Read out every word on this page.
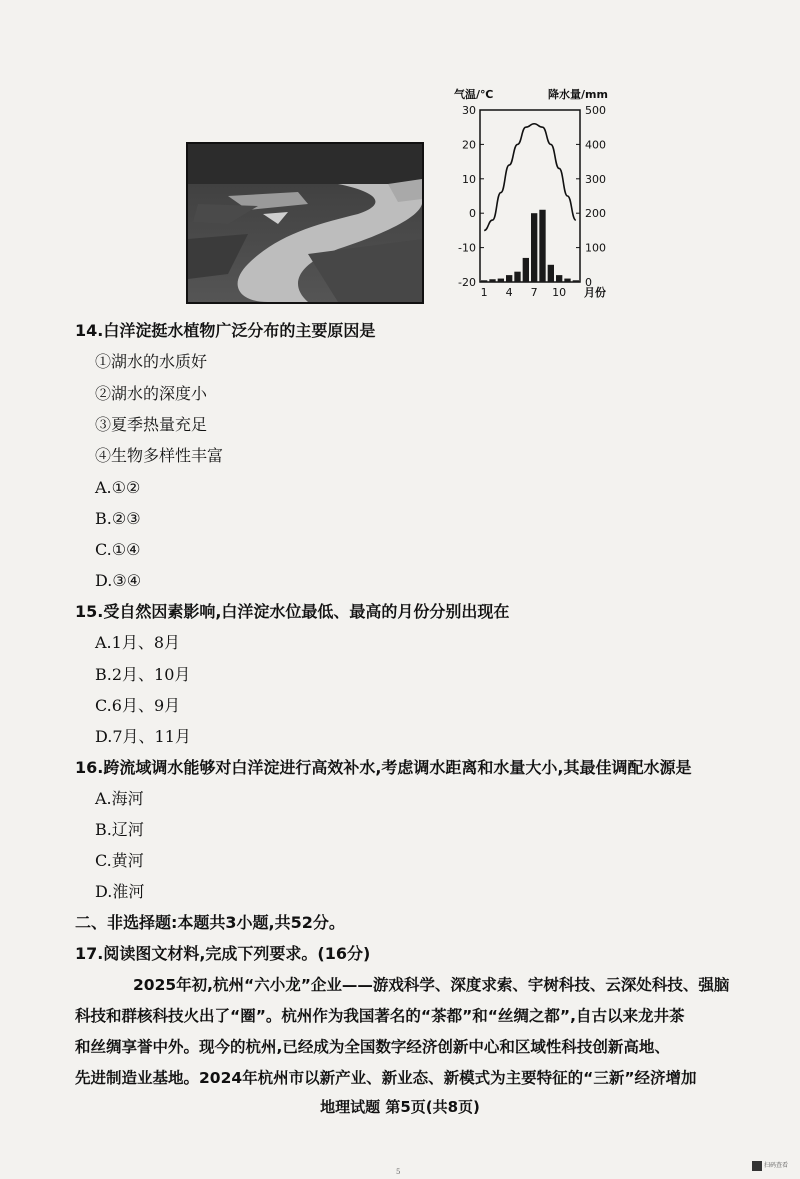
气温/℃	降水量/mm
30
20
10
0
-10
-20
500
400
300
200
100
0
1 4 7 10 月份
14.白洋淀挺水植物广泛分布的主要原因是
①湖水的水质好
②湖水的深度小
③夏季热量充足
④生物多样性丰富
A.①②
B.②③
C.①④
D.③④
15.受自然因素影响,白洋淀水位最低、最高的月份分别出现在
A.1月、8月
B.2月、10月
C.6月、9月
D.7月、11月
16.跨流域调水能够对白洋淀进行高效补水,考虑调水距离和水量大小,其最佳调配水源是
A.海河
B.辽河
C.黄河
D.淮河
二、非选择题:本题共3小题,共52分。
17.阅读图文材料,完成下列要求。(16分)
2025年初,杭州“六小龙”企业——游戏科学、深度求索、宇树科技、云深处科技、强脑
科技和群核科技火出了“圈”。杭州作为我国著名的“茶都”和“丝绸之都”,自古以来龙井茶
和丝绸享誉中外。现今的杭州,已经成为全国数字经济创新中心和区域性科技创新高地、
先进制造业基地。2024年杭州市以新产业、新业态、新模式为主要特征的“三新”经济增加
地理试题 第5页(共8页)
5
扫码查看
